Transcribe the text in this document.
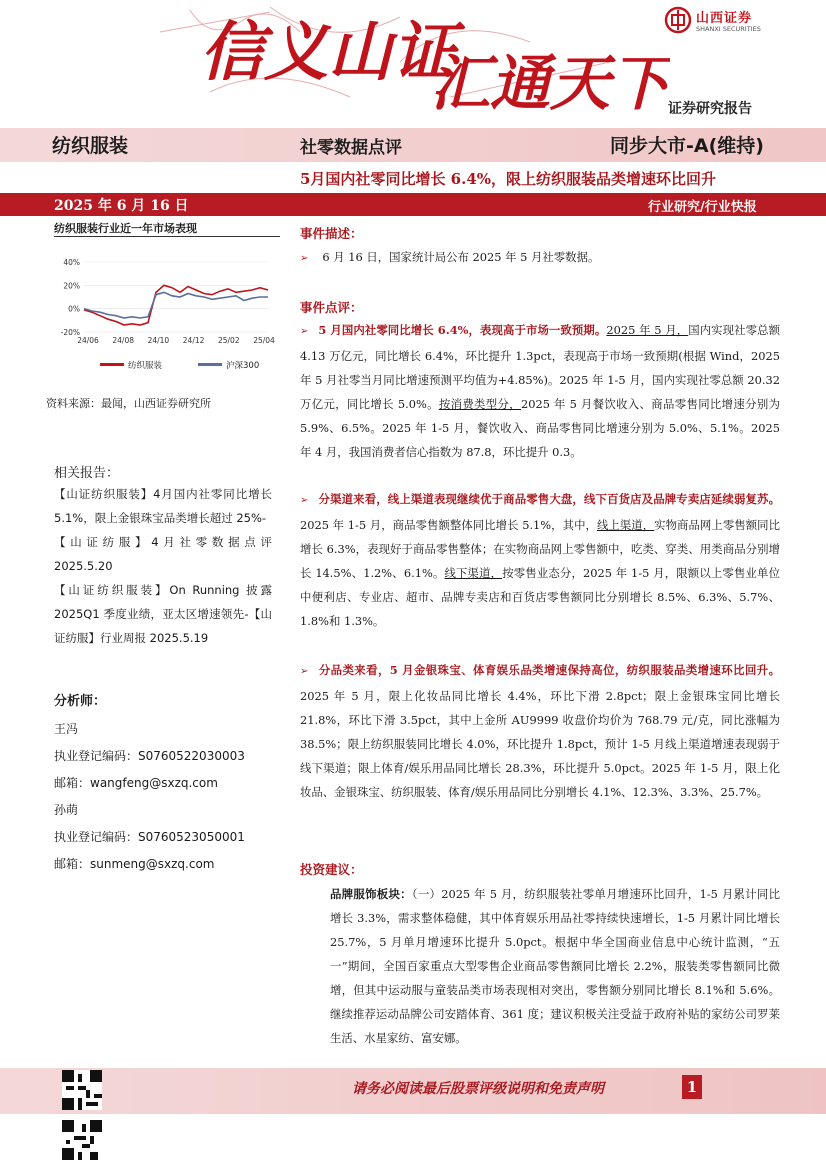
信义山证
汇通天下
山西证券
SHANXI SECURITIES
证券研究报告
纺织服装	社零数据点评	同步大市-A(维持)
5月国内社零同比增长 6.4%，限上纺织服装品类增速环比回升
2025 年 6 月 16 日	行业研究/行业快报
纺织服装行业近一年市场表现
40%
20%
0%
-20%
24/06 24/08 24/10 24/12 25/02 25/04
纺织服装	沪深300
资料来源：最闻，山西证券研究所
相关报告：

【山证纺织服装】4月国内社零同比增长 5.1%，限上金银珠宝品类增长超过 25%-

【山证纺服】4月社零数据点评 2025.5.20

【山证纺织服装】On Running 披露 2025Q1 季度业绩，亚太区增速领先-【山证纺服】行业周报 2025.5.19

分析师：
王冯
执业登记编码：S0760522030003
邮箱：wangfeng@sxzq.com
孙萌
执业登记编码：S0760523050001
邮箱：sunmeng@sxzq.com
事件描述：
➢ 6 月 16 日，国家统计局公布 2025 年 5 月社零数据。
事件点评：
➢ 5 月国内社零同比增长 6.4%，表现高于市场一致预期。2025 年 5 月，国内实现社零总额 4.13 万亿元，同比增长 6.4%，环比提升 1.3pct，表现高于市场一致预期(根据 Wind，2025 年 5 月社零当月同比增速预测平均值为+4.85%)。2025 年 1-5 月，国内实现社零总额 20.32 万亿元，同比增长 5.0%。按消费类型分，2025 年 5 月餐饮收入、商品零售同比增速分别为 5.9%、6.5%。2025 年 1-5 月，餐饮收入、商品零售同比增速分别为 5.0%、5.1%。2025 年 4 月，我国消费者信心指数为 87.8，环比提升 0.3。
➢ 分渠道来看，线上渠道表现继续优于商品零售大盘，线下百货店及品牌专卖店延续弱复苏。2025 年 1-5 月，商品零售额整体同比增长 5.1%，其中，线上渠道，实物商品网上零售额同比增长 6.3%，表现好于商品零售整体；在实物商品网上零售额中，吃类、穿类、用类商品分别增长 14.5%、1.2%、6.1%。线下渠道，按零售业态分，2025 年 1-5 月，限额以上零售业单位中便利店、专业店、超市、品牌专卖店和百货店零售额同比分别增长 8.5%、6.3%、5.7%、1.8%和 1.3%。
➢ 分品类来看，5 月金银珠宝、体育娱乐品类增速保持高位，纺织服装品类增速环比回升。2025 年 5 月，限上化妆品同比增长 4.4%，环比下滑 2.8pct；限上金银珠宝同比增长 21.8%，环比下滑 3.5pct，其中上金所 AU9999 收盘价均价为 768.79 元/克，同比涨幅为 38.5%；限上纺织服装同比增长 4.0%，环比提升 1.8pct，预计 1-5 月线上渠道增速表现弱于线下渠道；限上体育/娱乐用品同比增长 28.3%，环比提升 5.0pct。2025 年 1-5 月，限上化妆品、金银珠宝、纺织服装、体育/娱乐用品同比分别增长 4.1%、12.3%、3.3%、25.7%。
投资建议：
品牌服饰板块：（一）2025 年 5 月，纺织服装社零单月增速环比回升，1-5 月累计同比增长 3.3%，需求整体稳健，其中体育娱乐用品社零持续快速增长，1-5 月累计同比增长 25.7%，5 月单月增速环比提升 5.0pct。根据中华全国商业信息中心统计监测，“五一”期间，全国百家重点大型零售企业商品零售额同比增长 2.2%，服装类零售额同比微增，但其中运动服与童装品类市场表现相对突出，零售额分别同比增长 8.1%和 5.6%。继续推荐运动品牌公司安踏体育、361 度；建议积极关注受益于政府补贴的家纺公司罗莱生活、水星家纺、富安娜。
请务必阅读最后股票评级说明和免责声明	1
